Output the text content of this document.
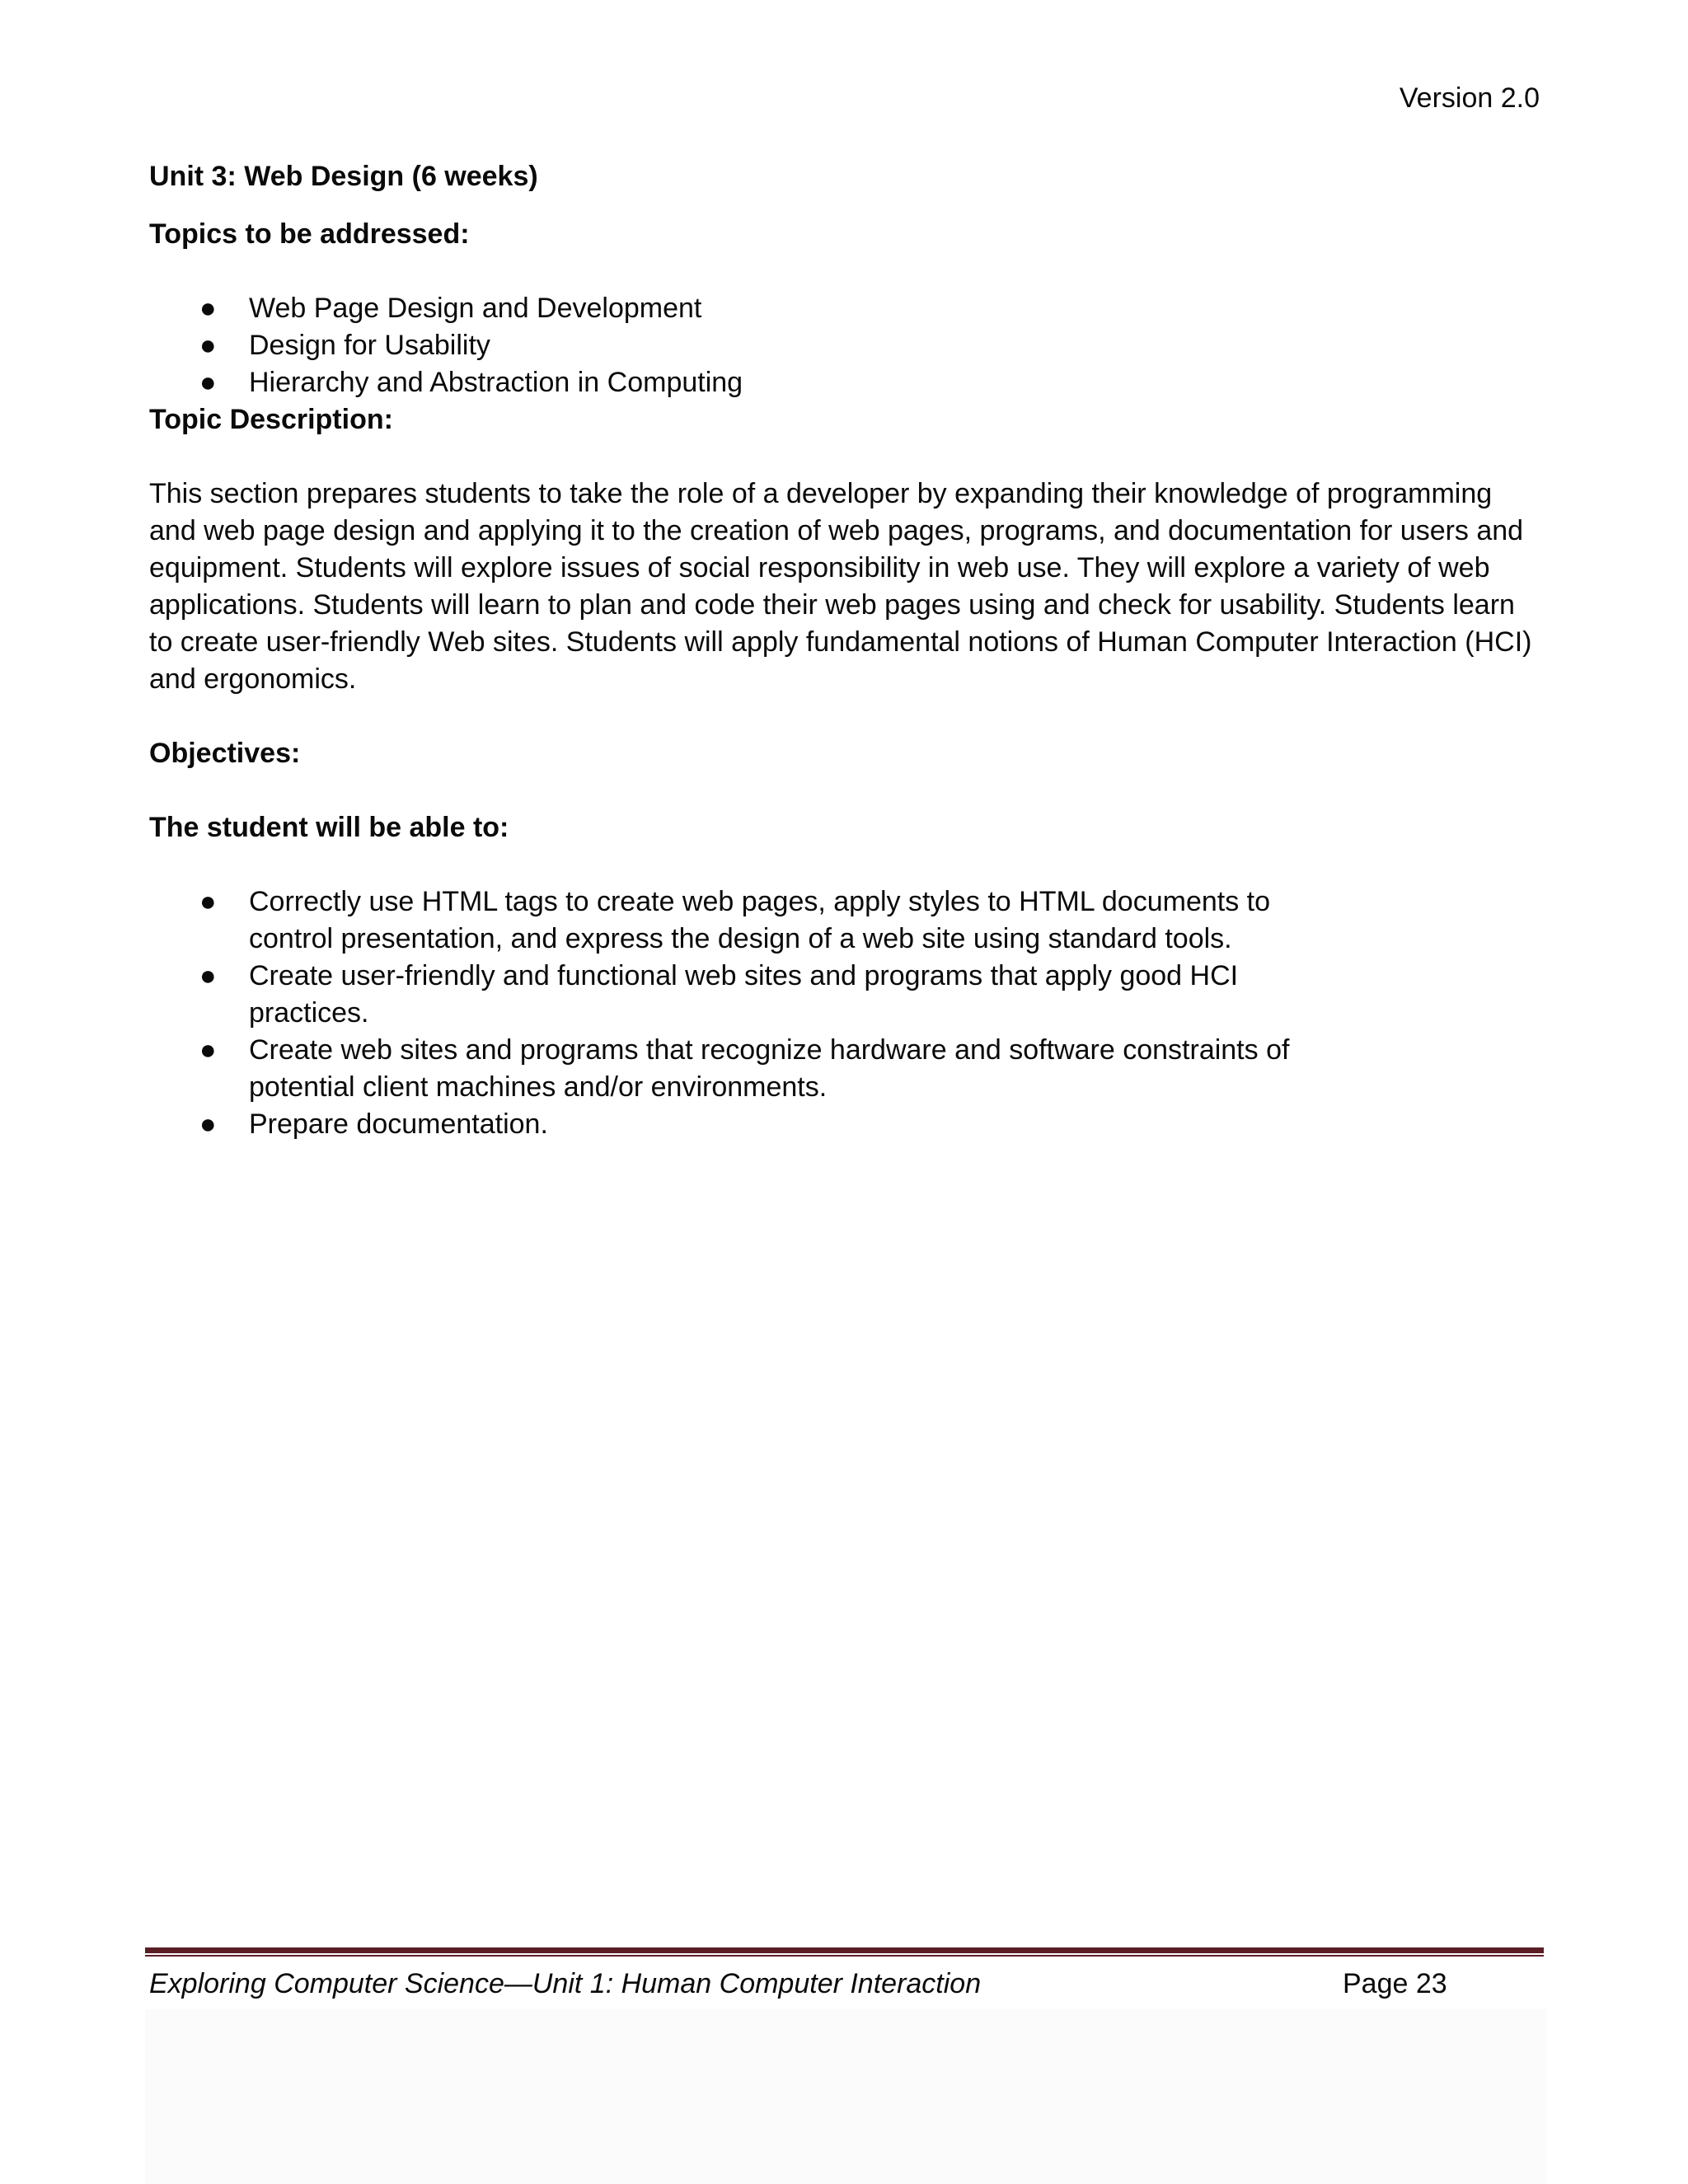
Version 2.0

Unit 3: Web Design (6 weeks)

Topics to be addressed:

●	Web Page Design and Development
●	Design for Usability
●	Hierarchy and Abstraction in Computing

Topic Description:

This section prepares students to take the role of a developer by expanding their knowledge of programming and web page design and applying it to the creation of web pages, programs, and documentation for users and equipment. Students will explore issues of social responsibility in web use. They will explore a variety of web applications. Students will learn to plan and code their web pages using and check for usability. Students learn to create user-friendly Web sites. Students will apply fundamental notions of Human Computer Interaction (HCI) and ergonomics.

Objectives:

The student will be able to:

●	Correctly use HTML tags to create web pages, apply styles to HTML documents to control presentation, and express the design of a web site using standard tools.
●	Create user-friendly and functional web sites and programs that apply good HCI practices.
●	Create web sites and programs that recognize hardware and software constraints of potential client machines and/or environments.
●	Prepare documentation.
Exploring Computer Science—Unit 1: Human Computer Interaction	Page 23
